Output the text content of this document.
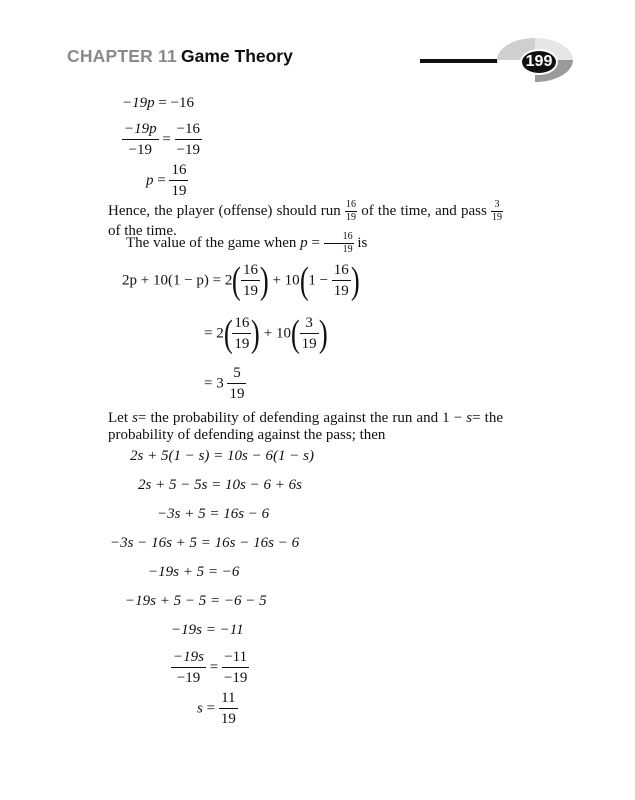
CHAPTER 11 Game Theory	199
−19p = −16
$\frac{-19p}{-19} = \frac{-16}{-19}$
$p = \frac{16}{19}$
Hence, the player (offense) should run $\frac{16}{19}$ of the time, and pass $\frac{3}{19}$
of the time.
The value of the game when $p = \frac{16}{19}$ is
$2p + 10(1 - p) = 2( \frac{16}{19}$ ) + $10(1 - \frac{16}{19}$ )
= $2( \frac{16}{19}$ ) + $10( \frac{3}{19}$ )
= $3 \frac{5}{19}$
Let s= the probability of defending against the run and 1 − s= the probability of defending against the pass; then
2s + 5(1 − s) = 10s − 6(1 − s)
2s + 5 − 5s = 10s − 6 + 6s
−3s + 5 = 16s − 6
−3s − 16s + 5 = 16s − 16s − 6
−19s + 5 = −6
−19s + 5 − 5 = −6 − 5
−19s = −11
$\frac{-19s}{-19} = \frac{-11}{-19}$
$s = \frac{11}{19}$
